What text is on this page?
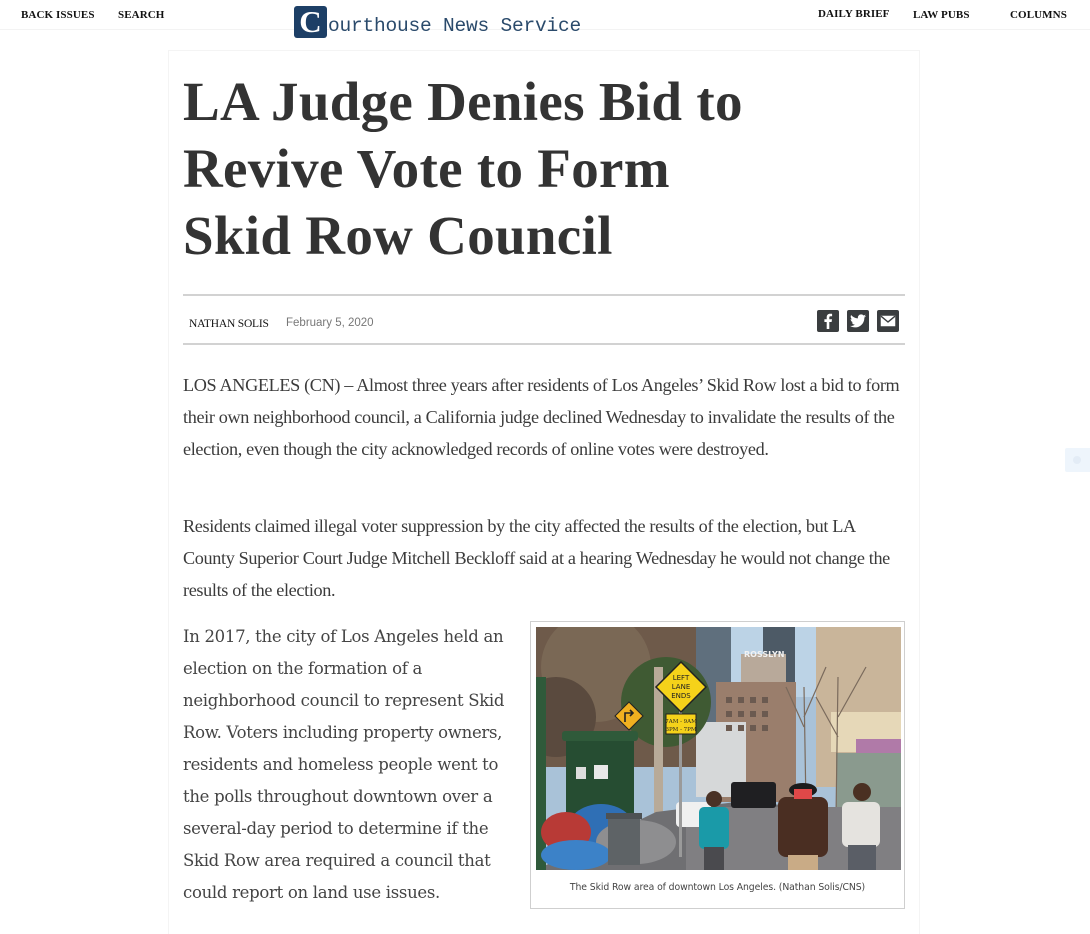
BACK ISSUES SEARCH	C ourthouse News Service
DAILY BRIEF LAW PUBS	COLUMNS
LA Judge Denies Bid to
Revive Vote to Form
Skid Row Council
NATHAN SOLIS February 5, 2020

LOS ANGELES (CN) – Almost three years after residents of Los Angeles’ Skid Row lost a bid to form their own neighborhood council, a California judge declined Wednesday to invalidate the results of the election, even though the city acknowledged records of online votes were destroyed.

Residents claimed illegal voter suppression by the city affected the results of the election, but LA County Superior Court Judge Mitchell Beckloff said at a hearing Wednesday he would not change the results of the election.

In 2017, the city of Los Angeles held an election on the formation of a neighborhood council to represent Skid Row. Voters including property owners, residents and homeless people went to the polls throughout downtown over a several-day period to determine if the Skid Row area required a council that could report on land use issues.

ROSSLYN
LEFT
LANE
ENDS
7AM - 9AM
3PM - 7PM
The Skid Row area of downtown Los Angeles. (Nathan Solis/CNS)
